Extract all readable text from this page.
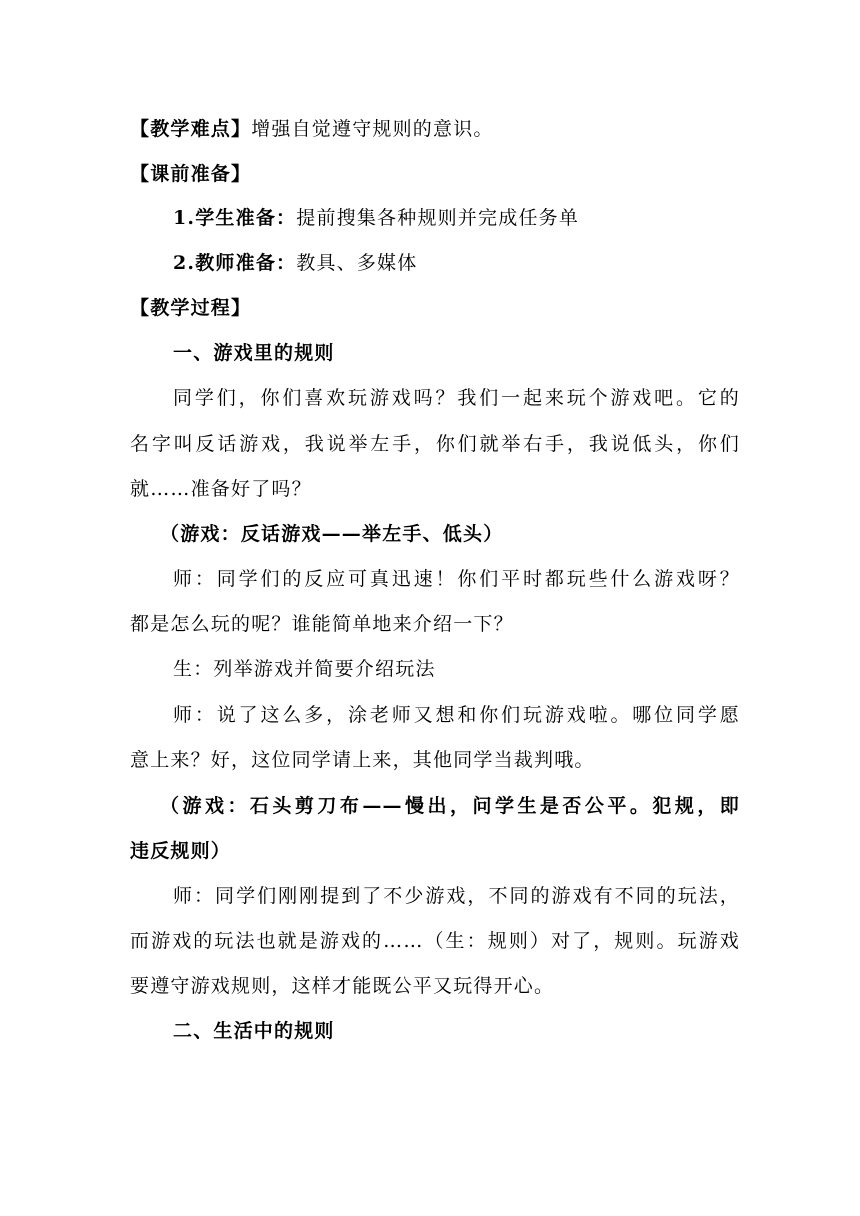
【教学难点】增强自觉遵守规则的意识。
【课前准备】
1.学生准备：提前搜集各种规则并完成任务单
2.教师准备：教具、多媒体
【教学过程】
一、游戏里的规则
同学们，你们喜欢玩游戏吗？我们一起来玩个游戏吧。它的
名字叫反话游戏，我说举左手，你们就举右手，我说低头，你们
就……准备好了吗？
（游戏：反话游戏——举左手、低头）
师：同学们的反应可真迅速！你们平时都玩些什么游戏呀？
都是怎么玩的呢？谁能简单地来介绍一下？
生：列举游戏并简要介绍玩法
师：说了这么多，涂老师又想和你们玩游戏啦。哪位同学愿
意上来？好，这位同学请上来，其他同学当裁判哦。
（游戏：石头剪刀布——慢出，问学生是否公平。犯规，即
违反规则）
师：同学们刚刚提到了不少游戏，不同的游戏有不同的玩法，
而游戏的玩法也就是游戏的……（生：规则）对了，规则。玩游戏
要遵守游戏规则，这样才能既公平又玩得开心。
二、生活中的规则
